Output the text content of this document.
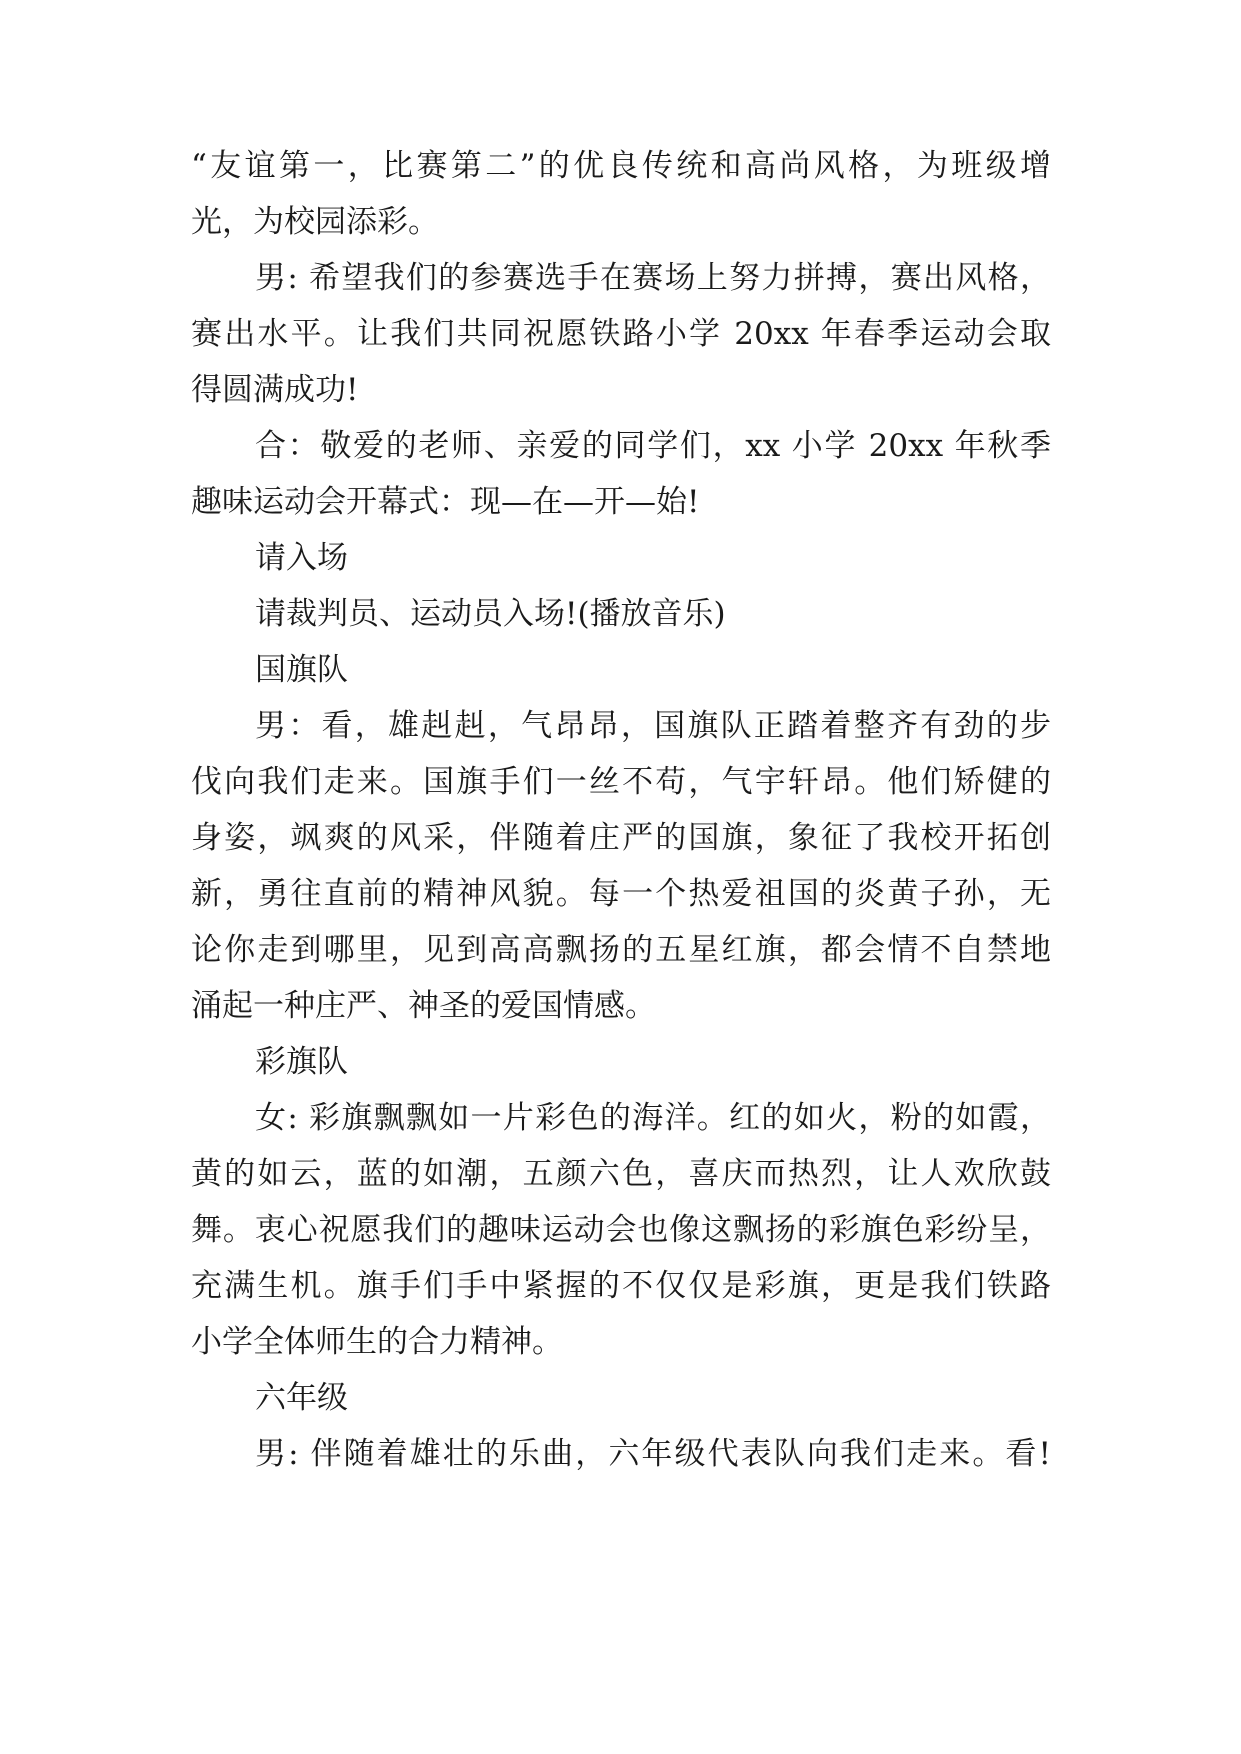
“友谊第一，比赛第二”的优良传统和高尚风格，为班级增
光，为校园添彩。
男: 希望我们的参赛选手在赛场上努力拼搏，赛出风格，
赛出水平。让我们共同祝愿铁路小学 20xx 年春季运动会取
得圆满成功!
合：敬爱的老师、亲爱的同学们，xx 小学 20xx 年秋季
趣味运动会开幕式：现—在—开—始!
请入场
请裁判员、运动员入场!(播放音乐)
国旗队
男：看，雄赳赳，气昂昂，国旗队正踏着整齐有劲的步
伐向我们走来。国旗手们一丝不苟，气宇轩昂。他们矫健的
身姿，飒爽的风采，伴随着庄严的国旗，象征了我校开拓创
新，勇往直前的精神风貌。每一个热爱祖国的炎黄子孙，无
论你走到哪里，见到高高飘扬的五星红旗，都会情不自禁地
涌起一种庄严、神圣的爱国情感。
彩旗队
女: 彩旗飘飘如一片彩色的海洋。红的如火，粉的如霞，
黄的如云，蓝的如潮，五颜六色，喜庆而热烈，让人欢欣鼓
舞。衷心祝愿我们的趣味运动会也像这飘扬的彩旗色彩纷呈，
充满生机。旗手们手中紧握的不仅仅是彩旗，更是我们铁路
小学全体师生的合力精神。
六年级
男: 伴随着雄壮的乐曲，六年级代表队向我们走来。看!
